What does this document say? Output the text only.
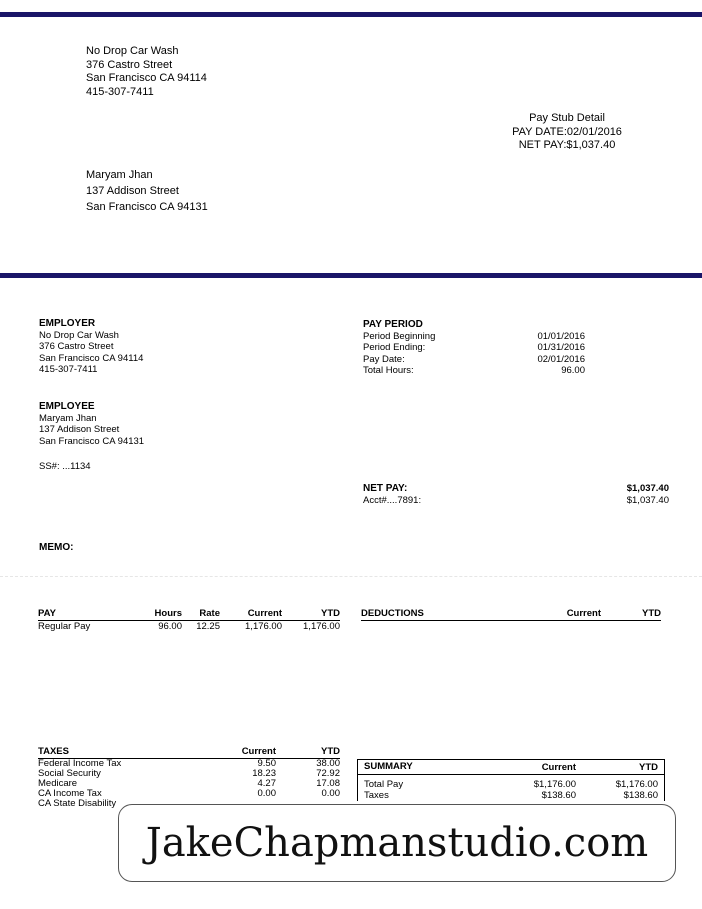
No Drop Car Wash
376 Castro Street
San Francisco CA 94114
415-307-7411
Pay Stub Detail
PAY DATE:02/01/2016
NET PAY:$1,037.40
Maryam Jhan
137 Addison Street
San Francisco CA 94131
EMPLOYER
No Drop Car Wash
376 Castro Street
San Francisco CA 94114
415-307-7411
EMPLOYEE
Maryam Jhan
137 Addison Street
San Francisco CA 94131
SS#: ...1134
PAY PERIOD
Period Beginning	01/01/2016
Period Ending:	01/31/2016
Pay Date:	02/01/2016
Total Hours:	96.00
NET PAY:	$1,037.40
Acct#....7891:	$1,037.40
MEMO:
PAY	Hours	Rate	Current	YTD
Regular Pay	96.00	12.25	1,176.00	1,176.00
DEDUCTIONS	Current	YTD
TAXES	Current	YTD
Federal Income Tax	9.50	38.00
Social Security	18.23	72.92
Medicare	4.27	17.08
CA Income Tax	0.00	0.00
CA State Disability		
SUMMARY	Current	YTD
Total Pay	$1,176.00	$1,176.00
Taxes	$138.60	$138.60
JakeChapmanstudio.com
